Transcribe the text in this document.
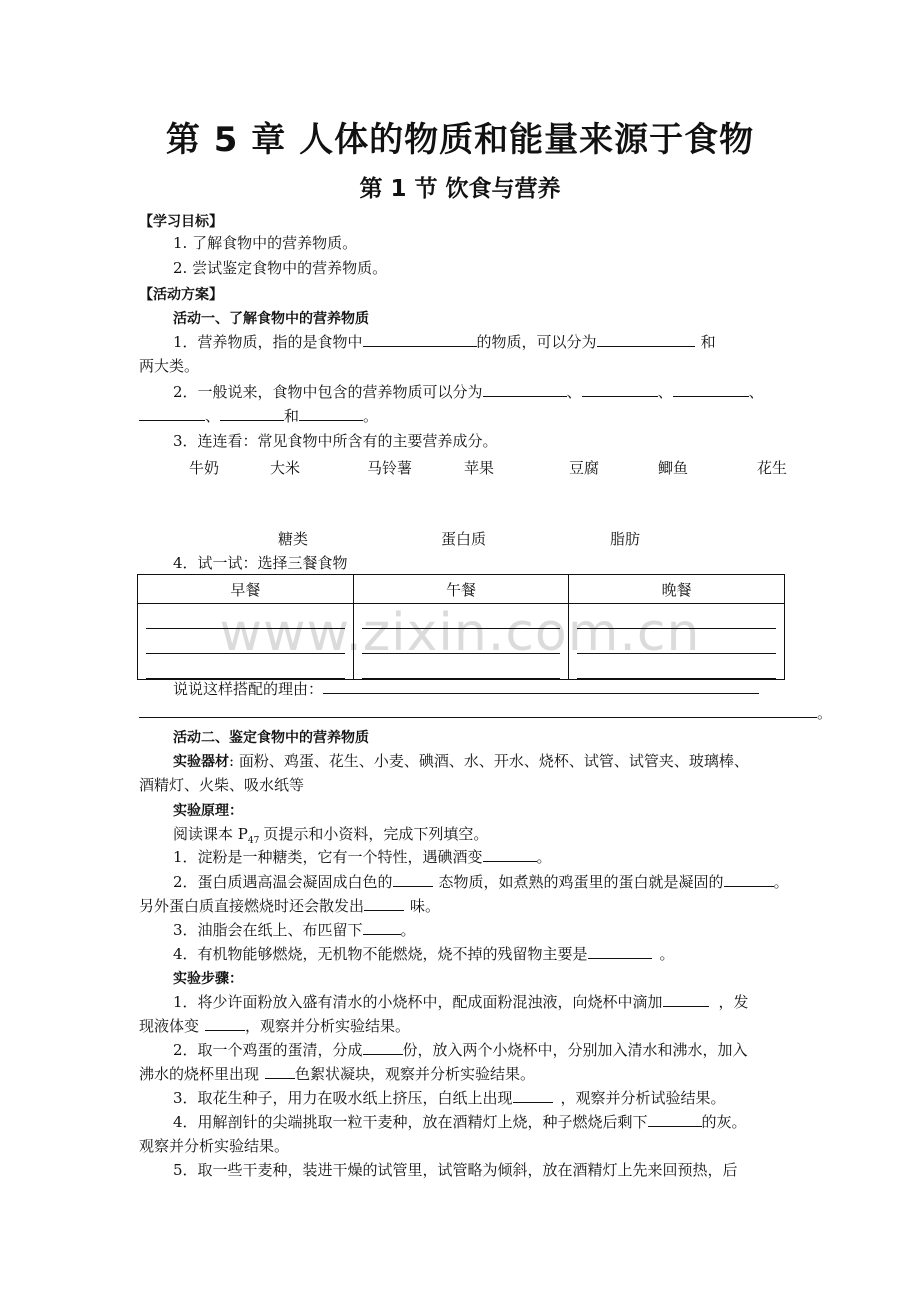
www.zixin.com.cn
第 5 章 人体的物质和能量来源于食物
第 1 节 饮食与营养
【学习目标】
1. 了解食物中的营养物质。
2. 尝试鉴定食物中的营养物质。
【活动方案】
活动一、了解食物中的营养物质
1．营养物质，指的是食物中	的物质，可以分为	和
两大类。
2．一般说来，食物中包含的营养物质可以分为	、	、	、
、	和	。
3．连连看：常见食物中所含有的主要营养成分。
牛奶	大米	马铃薯	苹果	豆腐	鲫鱼	花生
糖类	蛋白质	脂肪
4．试一试：选择三餐食物
早餐	午餐	晚餐

说说这样搭配的理由：
。
活动二、鉴定食物中的营养物质
实验器材: 面粉、鸡蛋、花生、小麦、碘酒、水、开水、烧杯、试管、试管夹、玻璃棒、
酒精灯、火柴、吸水纸等
实验原理：
阅读课本 $P_{47}$ 页提示和小资料，完成下列填空。
1．淀粉是一种糖类，它有一个特性，遇碘酒变	。
2．蛋白质遇高温会凝固成白色的	态物质，如煮熟的鸡蛋里的蛋白就是凝固的	。
另外蛋白质直接燃烧时还会散发出	味。
3．油脂会在纸上、布匹留下	。
4．有机物能够燃烧，无机物不能燃烧，烧不掉的残留物主要是	。
实验步骤：
1．将少许面粉放入盛有清水的小烧杯中，配成面粉混浊液，向烧杯中滴加	，发
现液体变	，观察并分析实验结果。
2．取一个鸡蛋的蛋清，分成	份，放入两个小烧杯中，分别加入清水和沸水，加入
沸水的烧杯里出现 色絮状凝块，观察并分析实验结果。
3．取花生种子，用力在吸水纸上挤压，白纸上出现	，观察并分析试验结果。
4．用解剖针的尖端挑取一粒干麦种，放在酒精灯上烧，种子燃烧后剩下	的灰。
观察并分析实验结果。
5．取一些干麦种，装进干燥的试管里，试管略为倾斜，放在酒精灯上先来回预热，后
